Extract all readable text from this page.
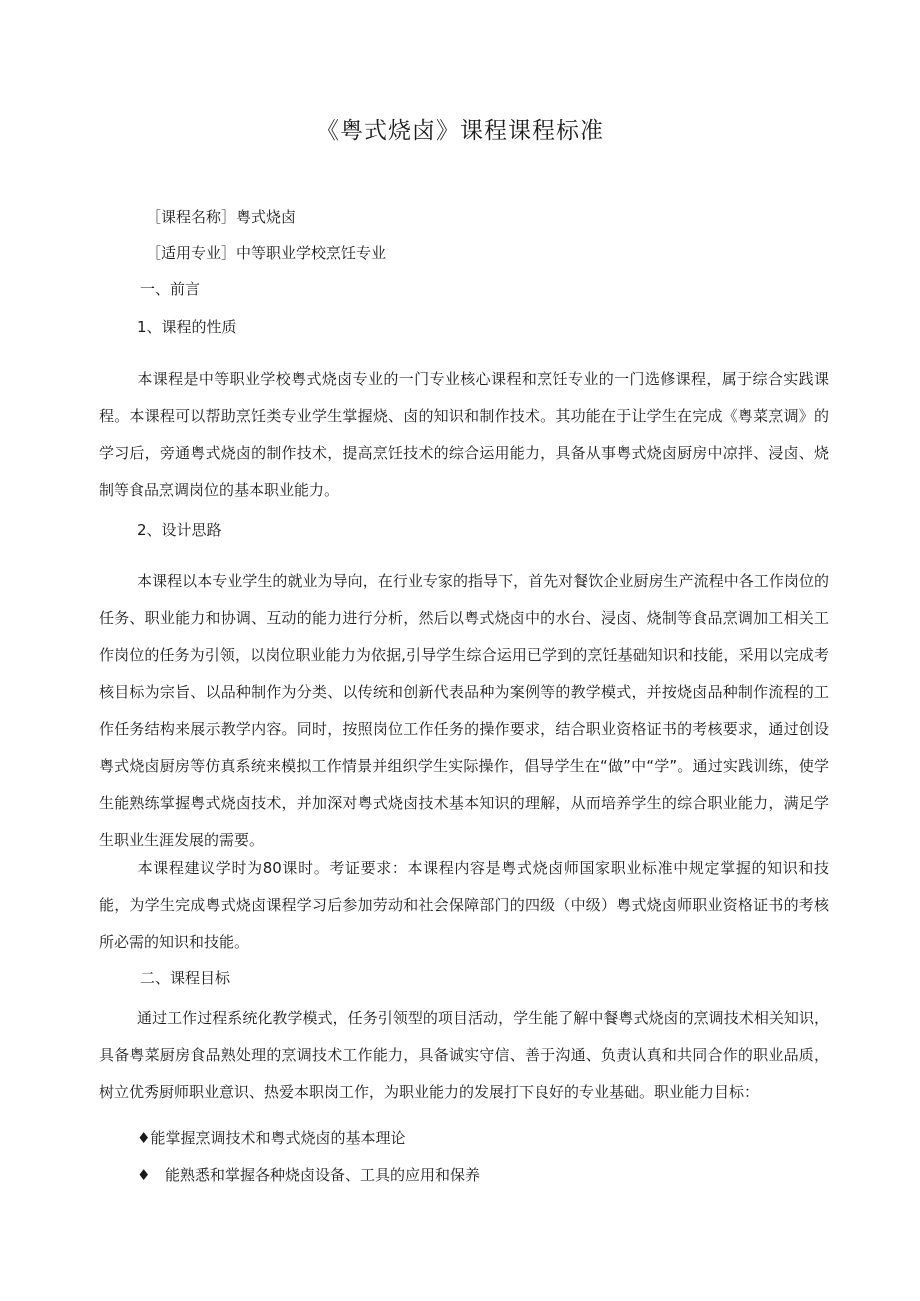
《粤式烧卤》课程课程标准

［课程名称］粤式烧卤

［适用专业］中等职业学校烹饪专业

一、前言

1、课程的性质

本课程是中等职业学校粤式烧卤专业的一门专业核心课程和烹饪专业的一门选修课程，属于综合实践课程。本课程可以帮助烹饪类专业学生掌握烧、卤的知识和制作技术。其功能在于让学生在完成《粤菜烹调》的学习后，旁通粤式烧卤的制作技术，提高烹饪技术的综合运用能力，具备从事粤式烧卤厨房中凉拌、浸卤、烧制等食品烹调岗位的基本职业能力。

2、设计思路

本课程以本专业学生的就业为导向，在行业专家的指导下，首先对餐饮企业厨房生产流程中各工作岗位的任务、职业能力和协调、互动的能力进行分析，然后以粤式烧卤中的水台、浸卤、烧制等食品烹调加工相关工作岗位的任务为引领，以岗位职业能力为依据,引导学生综合运用已学到的烹饪基础知识和技能，采用以完成考核目标为宗旨、以品种制作为分类、以传统和创新代表品种为案例等的教学模式，并按烧卤品种制作流程的工作任务结构来展示教学内容。同时，按照岗位工作任务的操作要求，结合职业资格证书的考核要求，通过创设粤式烧卤厨房等仿真系统来模拟工作情景并组织学生实际操作，倡导学生在“做”中“学”。通过实践训练，使学生能熟练掌握粤式烧卤技术，并加深对粤式烧卤技术基本知识的理解，从而培养学生的综合职业能力，满足学生职业生涯发展的需要。

本课程建议学时为80课时。考证要求：本课程内容是粤式烧卤师国家职业标准中规定掌握的知识和技能，为学生完成粤式烧卤课程学习后参加劳动和社会保障部门的四级（中级）粤式烧卤师职业资格证书的考核所必需的知识和技能。

二、课程目标

通过工作过程系统化教学模式，任务引领型的项目活动，学生能了解中餐粤式烧卤的烹调技术相关知识，具备粤菜厨房食品熟处理的烹调技术工作能力，具备诚实守信、善于沟通、负责认真和共同合作的职业品质，树立优秀厨师职业意识、热爱本职岗工作，为职业能力的发展打下良好的专业基础。职业能力目标：

♦能掌握烹调技术和粤式烧卤的基本理论

♦ 能熟悉和掌握各种烧卤设备、工具的应用和保养
